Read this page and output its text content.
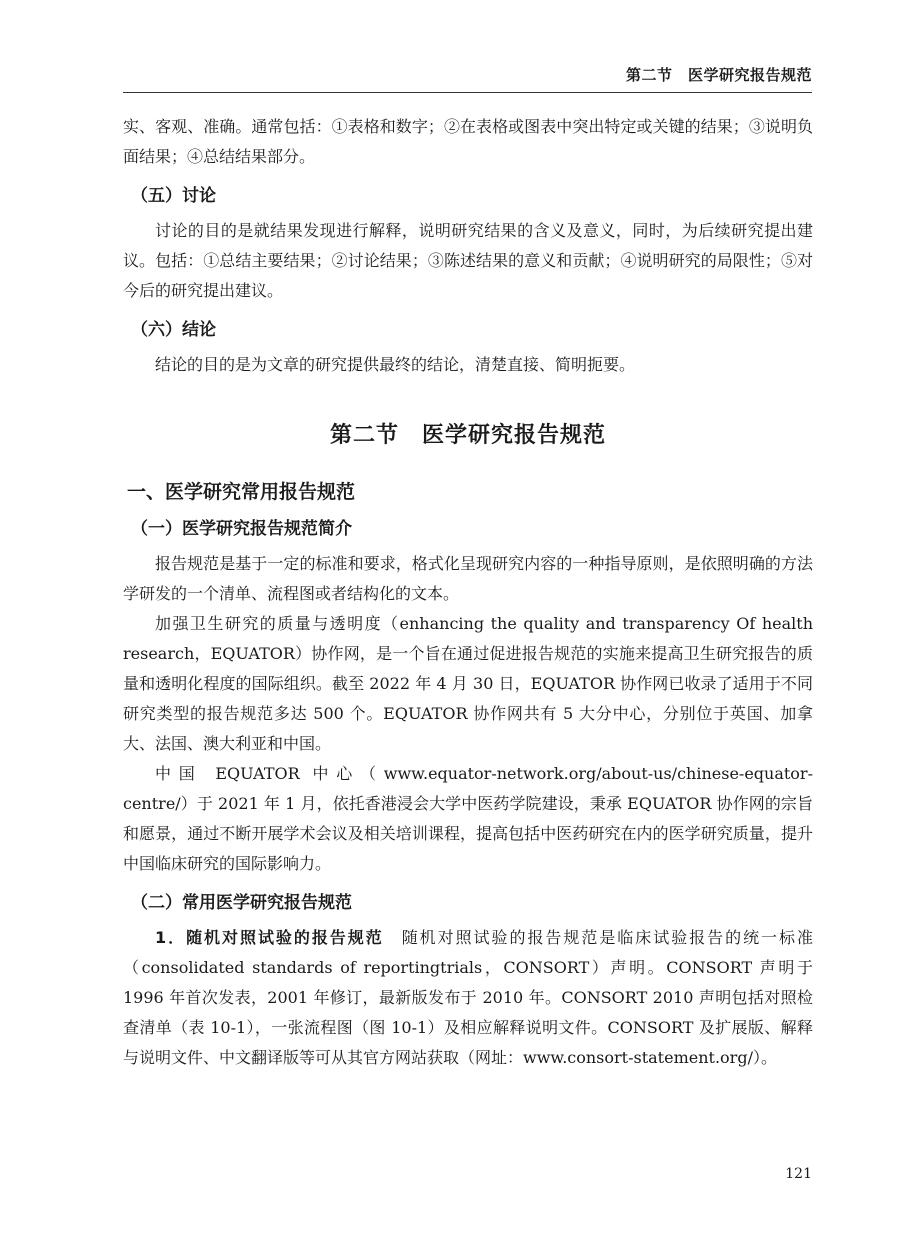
第二节　医学研究报告规范

实、客观、准确。通常包括：①表格和数字；②在表格或图表中突出特定或关键的结果；③说明负面结果；④总结结果部分。

（五）讨论

讨论的目的是就结果发现进行解释，说明研究结果的含义及意义，同时，为后续研究提出建议。包括：①总结主要结果；②讨论结果；③陈述结果的意义和贡献；④说明研究的局限性；⑤对今后的研究提出建议。

（六）结论

结论的目的是为文章的研究提供最终的结论，清楚直接、简明扼要。

第二节　医学研究报告规范
一、医学研究常用报告规范
（一）医学研究报告规范简介

报告规范是基于一定的标准和要求，格式化呈现研究内容的一种指导原则，是依照明确的方法学研发的一个清单、流程图或者结构化的文本。

加强卫生研究的质量与透明度（enhancing the quality and transparency Of health research，EQUATOR）协作网，是一个旨在通过促进报告规范的实施来提高卫生研究报告的质量和透明化程度的国际组织。截至 2022 年 4 月 30 日，EQUATOR 协作网已收录了适用于不同研究类型的报告规范多达 500 个。EQUATOR 协作网共有 5 大分中心，分别位于英国、加拿大、法国、澳大利亚和中国。

中国 EQUATOR 中心（www.equator-network.org/about-us/chinese-equator-centre/）于 2021 年 1 月，依托香港浸会大学中医药学院建设，秉承 EQUATOR 协作网的宗旨和愿景，通过不断开展学术会议及相关培训课程，提高包括中医药研究在内的医学研究质量，提升中国临床研究的国际影响力。

（二）常用医学研究报告规范

1．随机对照试验的报告规范　 随机对照试验的报告规范是临床试验报告的统一标准（consolidated standards of reportingtrials，CONSORT）声明。CONSORT 声明于 1996 年首次发表，2001 年修订，最新版发布于 2010 年。CONSORT 2010 声明包括对照检查清单（表 10-1），一张流程图（图 10-1）及相应解释说明文件。CONSORT 及扩展版、解释与说明文件、中文翻译版等可从其官方网站获取（网址：www.consort-statement.org/）。

121
